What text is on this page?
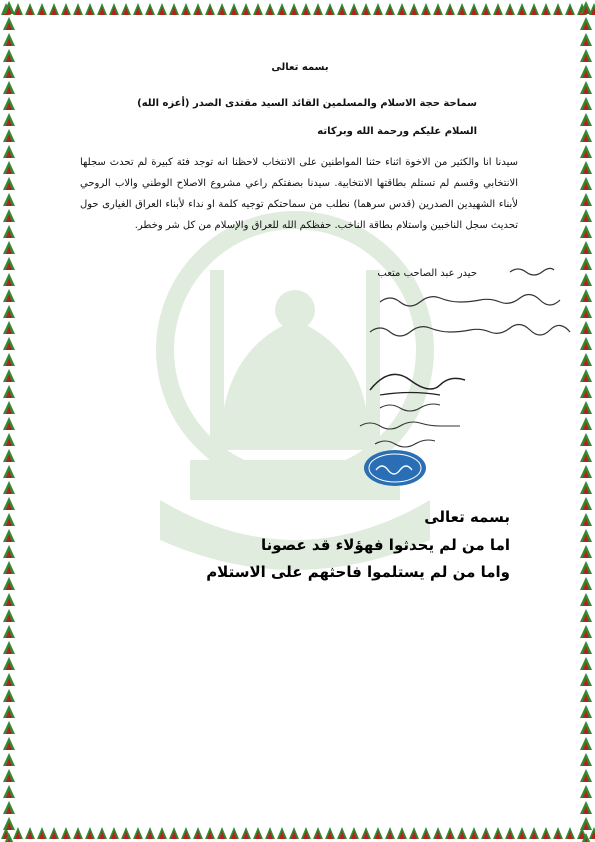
بسمه تعالى
سماحة حجة الاسلام والمسلمين القائد السيد مقتدى الصدر (أعزه الله)
السلام عليكم ورحمة الله وبركاته
سيدنا انا والكثير من الاخوة اثناء حثنا المواطنين على الانتخاب لاحظنا انه توجد فئة كبيرة لم تحدث سجلها الانتخابي وقسم لم تستلم بطاقتها الانتخابية. سيدنا بصفتكم راعي مشروع الاصلاح الوطني والاب الروحي لأبناء الشهيدين الصدرين (قدس سرهما) نطلب من سماحتكم توجيه كلمة او نداء لأبناء العراق الغيارى حول تحديث سجل الناخبين واستلام بطاقة الناخب. حفظكم الله للعراق والإسلام من كل شر وخطر.
حيدر عبد الصاحب متعب
بسمه تعالى
اما من لم يحدثوا فهؤلاء قد عصونا
واما من لم يستلموا فاحثهم على الاستلام
